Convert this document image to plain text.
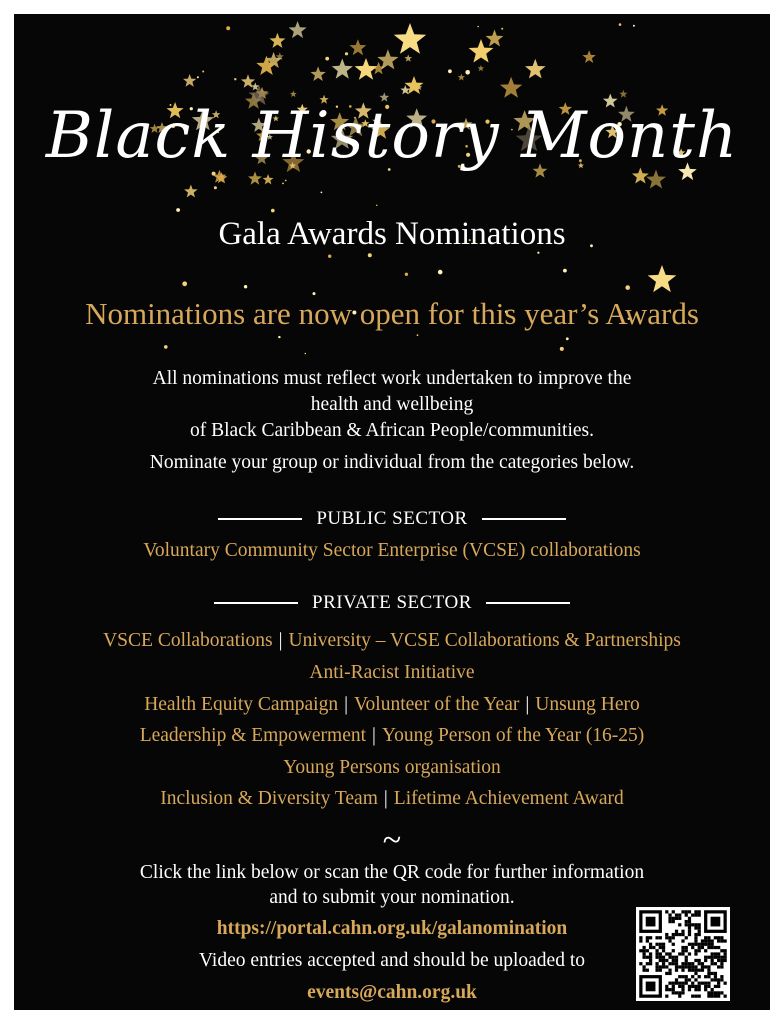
Black History Month
Gala Awards Nominations
Nominations are now open for this year’s Awards
All nominations must reflect work undertaken to improve the
health and wellbeing
of Black Caribbean & African People/communities.
Nominate your group or individual from the categories below.
PUBLIC SECTOR
Voluntary Community Sector Enterprise (VCSE) collaborations
PRIVATE SECTOR
VSCE Collaborations | University – VCSE Collaborations & Partnerships
Anti-Racist Initiative
Health Equity Campaign | Volunteer of the Year | Unsung Hero
Leadership & Empowerment | Young Person of the Year (16-25)
Young Persons organisation
Inclusion & Diversity Team | Lifetime Achievement Award
~
Click the link below or scan the QR code for further information
and to submit your nomination.
https://portal.cahn.org.uk/galanomination
Video entries accepted and should be uploaded to
events@cahn.org.uk
